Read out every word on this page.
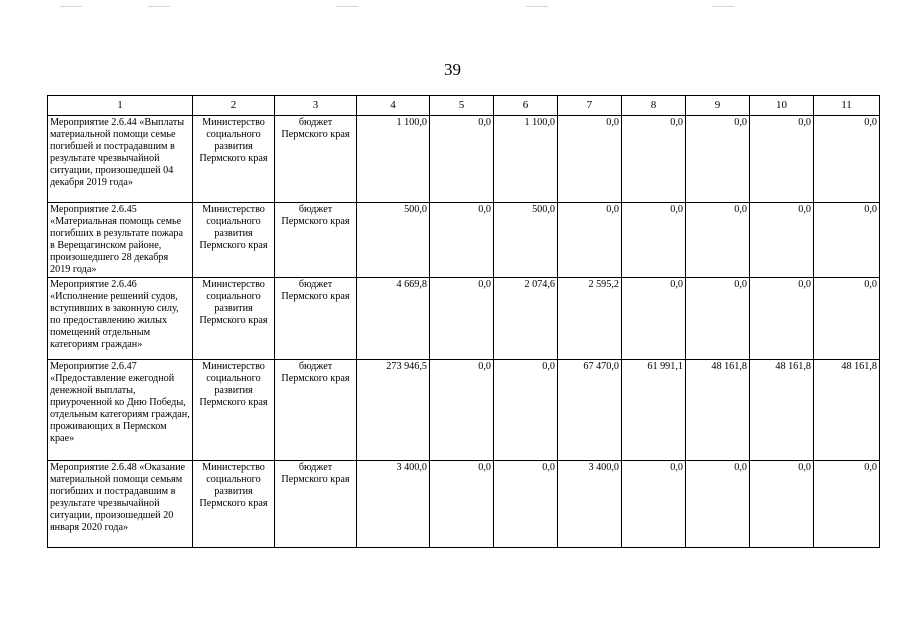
39
1	2	3	4	5	6	7	8	9	10	11
Мероприятие 2.6.44 «Выплаты материальной помощи семье погибшей и пострадавшим в результате чрезвычайной ситуации, произошедшей 04 декабря 2019 года»	Министерство социального развития Пермского края	бюджет Пермского края	1 100,0	0,0	1 100,0	0,0	0,0	0,0	0,0	0,0
Мероприятие 2.6.45 «Материальная помощь семье погибших в результате пожара в Верещагинском районе, произошедшего 28 декабря 2019 года»	Министерство социального развития Пермского края	бюджет Пермского края	500,0	0,0	500,0	0,0	0,0	0,0	0,0	0,0
Мероприятие 2.6.46 «Исполнение решений судов, вступивших в законную силу, по предоставлению жилых помещений отдельным категориям граждан»	Министерство социального развития Пермского края	бюджет Пермского края	4 669,8	0,0	2 074,6	2 595,2	0,0	0,0	0,0	0,0
Мероприятие 2.6.47 «Предоставление ежегодной денежной выплаты, приуроченной ко Дню Победы, отдельным категориям граждан, проживающих в Пермском крае»	Министерство социального развития Пермского края	бюджет Пермского края	273 946,5	0,0	0,0	67 470,0	61 991,1	48 161,8	48 161,8	48 161,8
Мероприятие 2.6.48 «Оказание материальной помощи семьям погибших и пострадавшим в результате чрезвычайной ситуации, произошедшей 20 января 2020 года»	Министерство социального развития Пермского края	бюджет Пермского края	3 400,0	0,0	0,0	3 400,0	0,0	0,0	0,0	0,0
